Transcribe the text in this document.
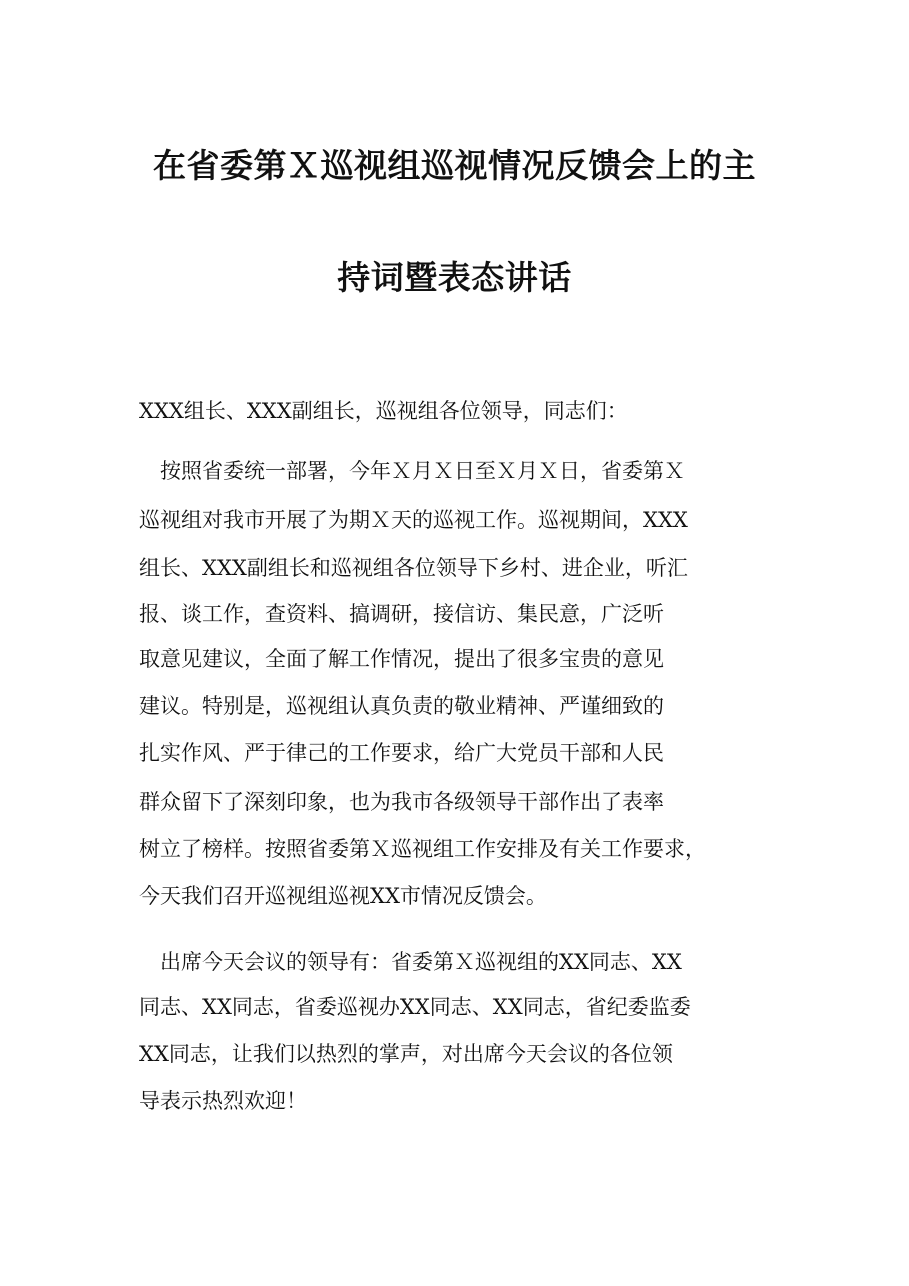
在省委第Ｘ巡视组巡视情况反馈会上的主
持词暨表态讲话
XXX组长、XXX副组长，巡视组各位领导，同志们：
　按照省委统一部署，今年Ｘ月Ｘ日至Ｘ月Ｘ日，省委第Ｘ
巡视组对我市开展了为期Ｘ天的巡视工作。巡视期间，XXX
组长、XXX副组长和巡视组各位领导下乡村、进企业，听汇
报、谈工作，查资料、搞调研，接信访、集民意，广泛听
取意见建议，全面了解工作情况，提出了很多宝贵的意见
建议。特别是，巡视组认真负责的敬业精神、严谨细致的
扎实作风、严于律己的工作要求，给广大党员干部和人民
群众留下了深刻印象，也为我市各级领导干部作出了表率
树立了榜样。按照省委第Ｘ巡视组工作安排及有关工作要求，
今天我们召开巡视组巡视XX市情况反馈会。
　出席今天会议的领导有：省委第Ｘ巡视组的XX同志、XX
同志、XX同志，省委巡视办XX同志、XX同志，省纪委监委
XX同志，让我们以热烈的掌声，对出席今天会议的各位领
导表示热烈欢迎！
